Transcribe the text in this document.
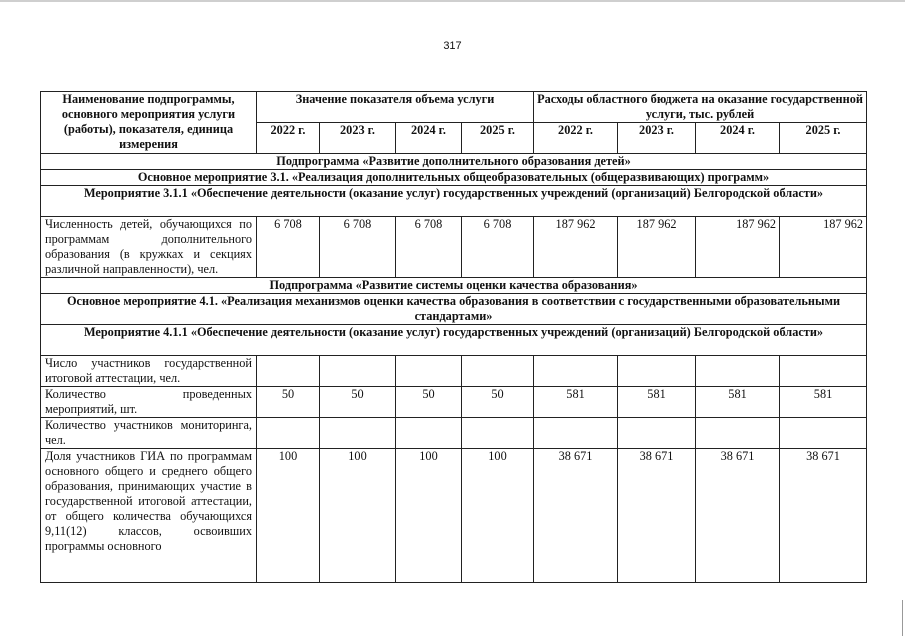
317
Наименование подпрограммы, основного мероприятия услуги (работы), показателя, единица измерения	Значение показателя объема услуги				Расходы областного бюджета на оказание государственной услуги, тыс. рублей			
	2022 г.	2023 г.	2024 г.	2025 г.	2022 г.	2023 г.	2024 г.	2025 г.
Подпрограмма «Развитие дополнительного образования детей»								
Основное мероприятие 3.1. «Реализация дополнительных общеобразовательных (общеразвивающих) программ»								
Мероприятие 3.1.1 «Обеспечение деятельности (оказание услуг) государственных учреждений (организаций) Белгородской области»								
Численность детей, обучающихся по программам дополнительного образования (в кружках и секциях различной направленности), чел.	6 708	6 708	6 708	6 708	187 962	187 962	187 962	187 962
Подпрограмма «Развитие системы оценки качества образования»								
Основное мероприятие 4.1. «Реализация механизмов оценки качества образования в соответствии с государственными образовательными стандартами»								
Мероприятие 4.1.1 «Обеспечение деятельности (оказание услуг) государственных учреждений (организаций) Белгородской области»								
Число участников государственной итоговой аттестации, чел.								
Количество проведенных мероприятий, шт.	50	50	50	50	581	581	581	581
Количество участников мониторинга, чел.								
Доля участников ГИА по программам основного общего и среднего общего образования, принимающих участие в государственной итоговой аттестации, от общего количества обучающихся 9,11(12) классов, освоивших программы основного	100	100	100	100	38 671	38 671	38 671	38 671
